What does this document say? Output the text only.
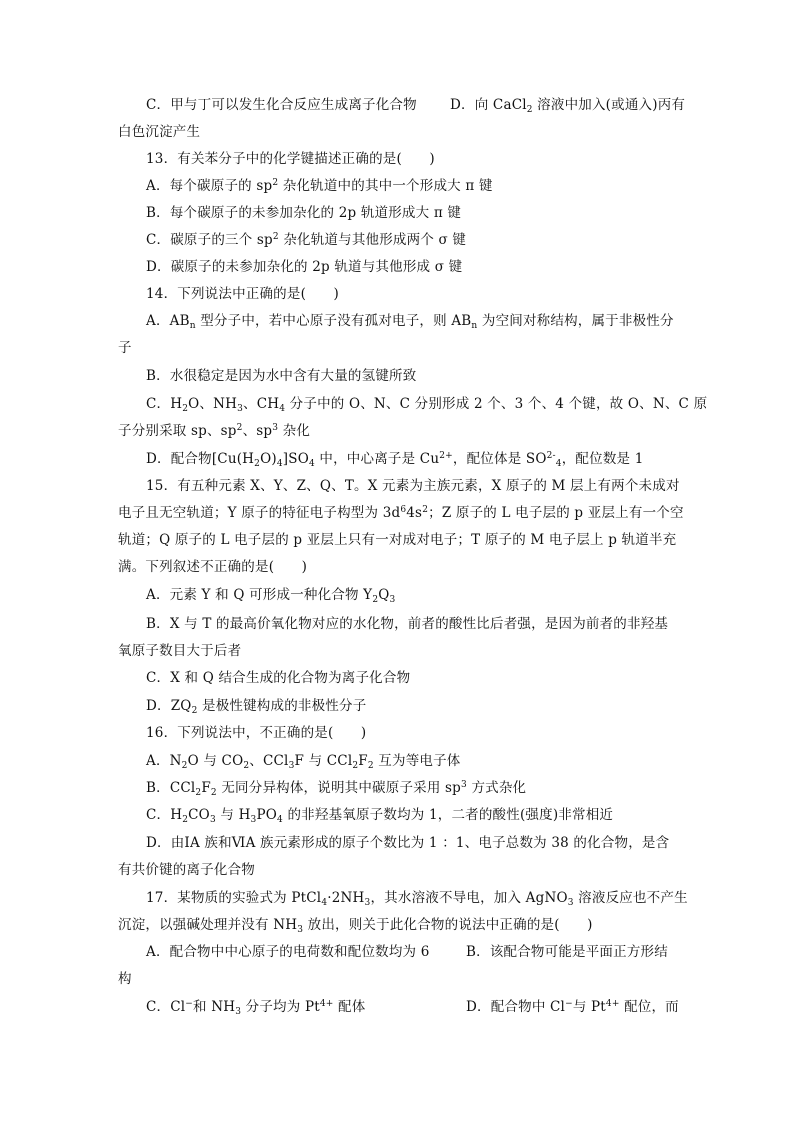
C．甲与丁可以发生化合反应生成离子化合物 D．向 CaCl$_2$ 溶液中加入(或通入)丙有
白色沉淀产生
13．有关苯分子中的化学键描述正确的是(　　)
A．每个碳原子的 $sp^2$ 杂化轨道中的其中一个形成大 π 键
B．每个碳原子的未参加杂化的 2p 轨道形成大 π 键
C．碳原子的三个 $sp^2$ 杂化轨道与其他形成两个 σ 键
D．碳原子的未参加杂化的 2p 轨道与其他形成 σ 键
14．下列说法中正确的是(　　)
A．$AB_n$ 型分子中，若中心原子没有孤对电子，则 $AB_n$ 为空间对称结构，属于非极性分
子
B．水很稳定是因为水中含有大量的氢键所致
C．$H_2O$、$NH_3$、$CH_4$ 分子中的 O、N、C 分别形成 2 个、3 个、4 个键，故 O、N、C 原
子分别采取 sp、$sp^2$、$sp^3$ 杂化
D．配合物$[Cu(H_2O)_4]SO_4$ 中，中心离子是 $Cu^{2+}$，配位体是 $SO^{2-}_4$，配位数是 1
15．有五种元素 X、Y、Z、Q、T。X 元素为主族元素，X 原子的 M 层上有两个未成对
电子且无空轨道；Y 原子的特征电子构型为 $3d^64s^2$；Z 原子的 L 电子层的 p 亚层上有一个空
轨道；Q 原子的 L 电子层的 p 亚层上只有一对成对电子；T 原子的 M 电子层上 p 轨道半充
满。下列叙述不正确的是(　　)
A．元素 Y 和 Q 可形成一种化合物 $Y_2Q_3$
B．X 与 T 的最高价氧化物对应的水化物，前者的酸性比后者强，是因为前者的非羟基
氧原子数目大于后者
C．X 和 Q 结合生成的化合物为离子化合物
D．$ZQ_2$ 是极性键构成的非极性分子
16．下列说法中，不正确的是(　　)
A．$N_2O$ 与 $CO_2$、CCl$_3$F 与 $CCl_2F_2$ 互为等电子体
B．$CCl_2F_2$ 无同分异构体，说明其中碳原子采用 $sp^3$ 方式杂化
C．$H_2CO_3$ 与 $H_3PO_4$ 的非羟基氧原子数均为 1，二者的酸性(强度)非常相近
D．由ⅠA 族和ⅥA 族元素形成的原子个数比为 1 ：1、电子总数为 38 的化合物，是含
有共价键的离子化合物
17．某物质的实验式为 $PtCl_4\cdot 2NH_3$，其水溶液不导电，加入 AgNO$_3$ 溶液反应也不产生
沉淀，以强碱处理并没有 $NH_3$ 放出，则关于此化合物的说法中正确的是(　　)
A．配合物中中心原子的电荷数和配位数均为 6	B．该配合物可能是平面正方形结
构
C．Cl−和 $NH_3$ 分子均为 $Pt^{4+}$ 配体	D．配合物中 Cl−与 $Pt^{4+}$ 配位，而
